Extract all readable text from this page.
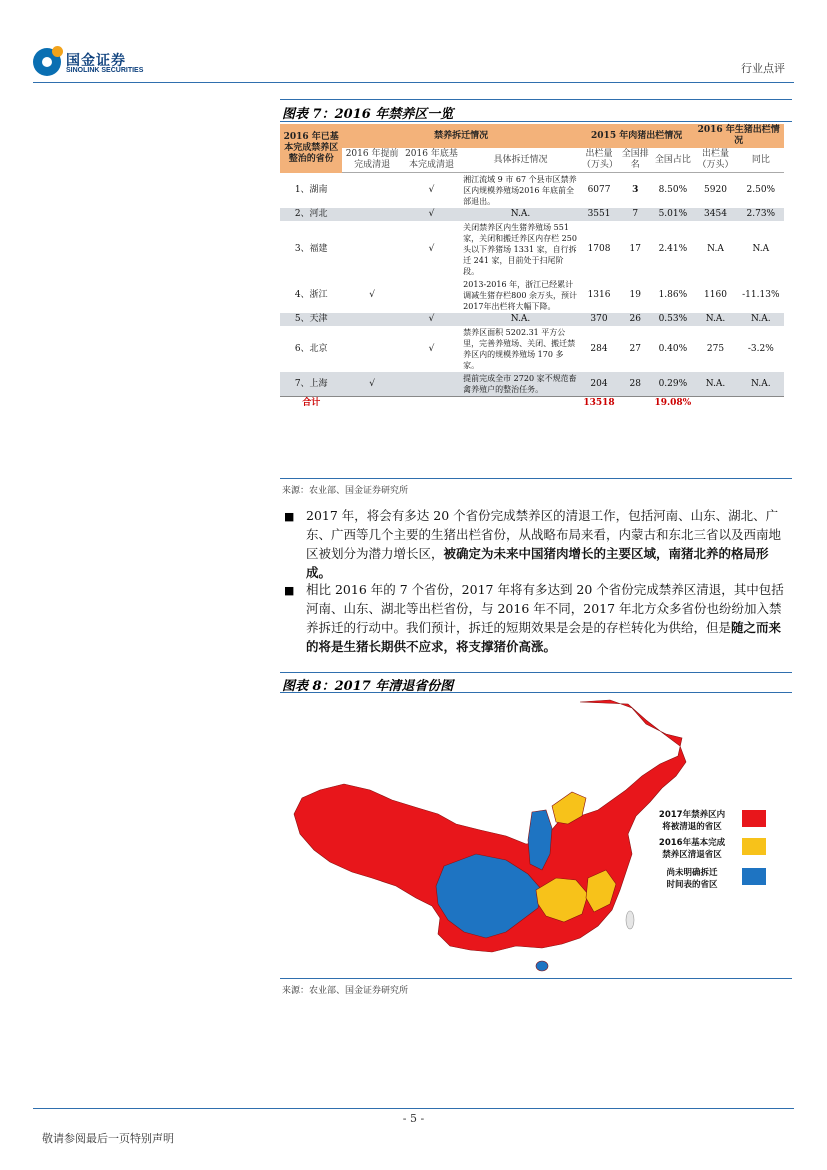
国金证券
SINOLINK SECURITIES	行业点评
图表 7：2016 年禁养区一览
2016 年已基本完成禁养区整治的省份	禁养拆迁情况			2015 年肉猪出栏情况			2016 年生猪出栏情况	
	2016 年提前完成清退	2016 年底基本完成清退	具体拆迁情况	出栏量（万头）	全国排名	全国占比	出栏量（万头）	同比
1、湖南		√	湘江流域 9 市 67 个县市区禁养区内规模养殖场2016 年底前全部退出。	6077	3	8.50%	5920	2.50%
2、河北		√	N.A.	3551	7	5.01%	3454	2.73%
3、福建		√	关闭禁养区内生猪养殖场 551 家，关闭和搬迁养区内存栏 250 头以下养猪场 1331 家，自行拆迁 241 家，目前处于扫尾阶段。	1708	17	2.41%	N.A	N.A
4、浙江	√		2013-2016 年，浙江已经累计调减生猪存栏800 余万头，预计 2017年出栏将大幅下降。	1316	19	1.86%	1160	-11.13%
5、天津		√	N.A.	370	26	0.53%	N.A.	N.A.
6、北京		√	禁养区面积 5202.31 平方公里，完善养殖场、关闭、搬迁禁养区内的规模养殖场 170 多家。	284	27	0.40%	275	-3.2%
7、上海	√		提前完成全市 2720 家不规范畜禽养殖户的整治任务。	204	28	0.29%	N.A.	N.A.
合计				13518		19.08%		
来源：农业部、国金证券研究所
■ 2017 年，将会有多达 20 个省份完成禁养区的清退工作，包括河南、山东、湖北、广东、广西等几个主要的生猪出栏省份，从战略布局来看，内蒙古和东北三省以及西南地区被划分为潜力增长区，被确定为未来中国猪肉增长的主要区域，南猪北养的格局形成。
■ 相比 2016 年的 7 个省份，2017 年将有多达到 20 个省份完成禁养区清退，其中包括河南、山东、湖北等出栏省份，与 2016 年不同，2017 年北方众多省份也纷纷加入禁养拆迁的行动中。我们预计，拆迁的短期效果是会是的存栏转化为供给，但是随之而来的将是生猪长期供不应求，将支撑猪价高涨。
图表 8：2017 年清退省份图
2017年禁养区内
将被清退的省区
2016年基本完成
禁养区清退省区
尚未明确拆迁
时间表的省区
来源：农业部、国金证券研究所
- 5 -
敬请参阅最后一页特别声明
